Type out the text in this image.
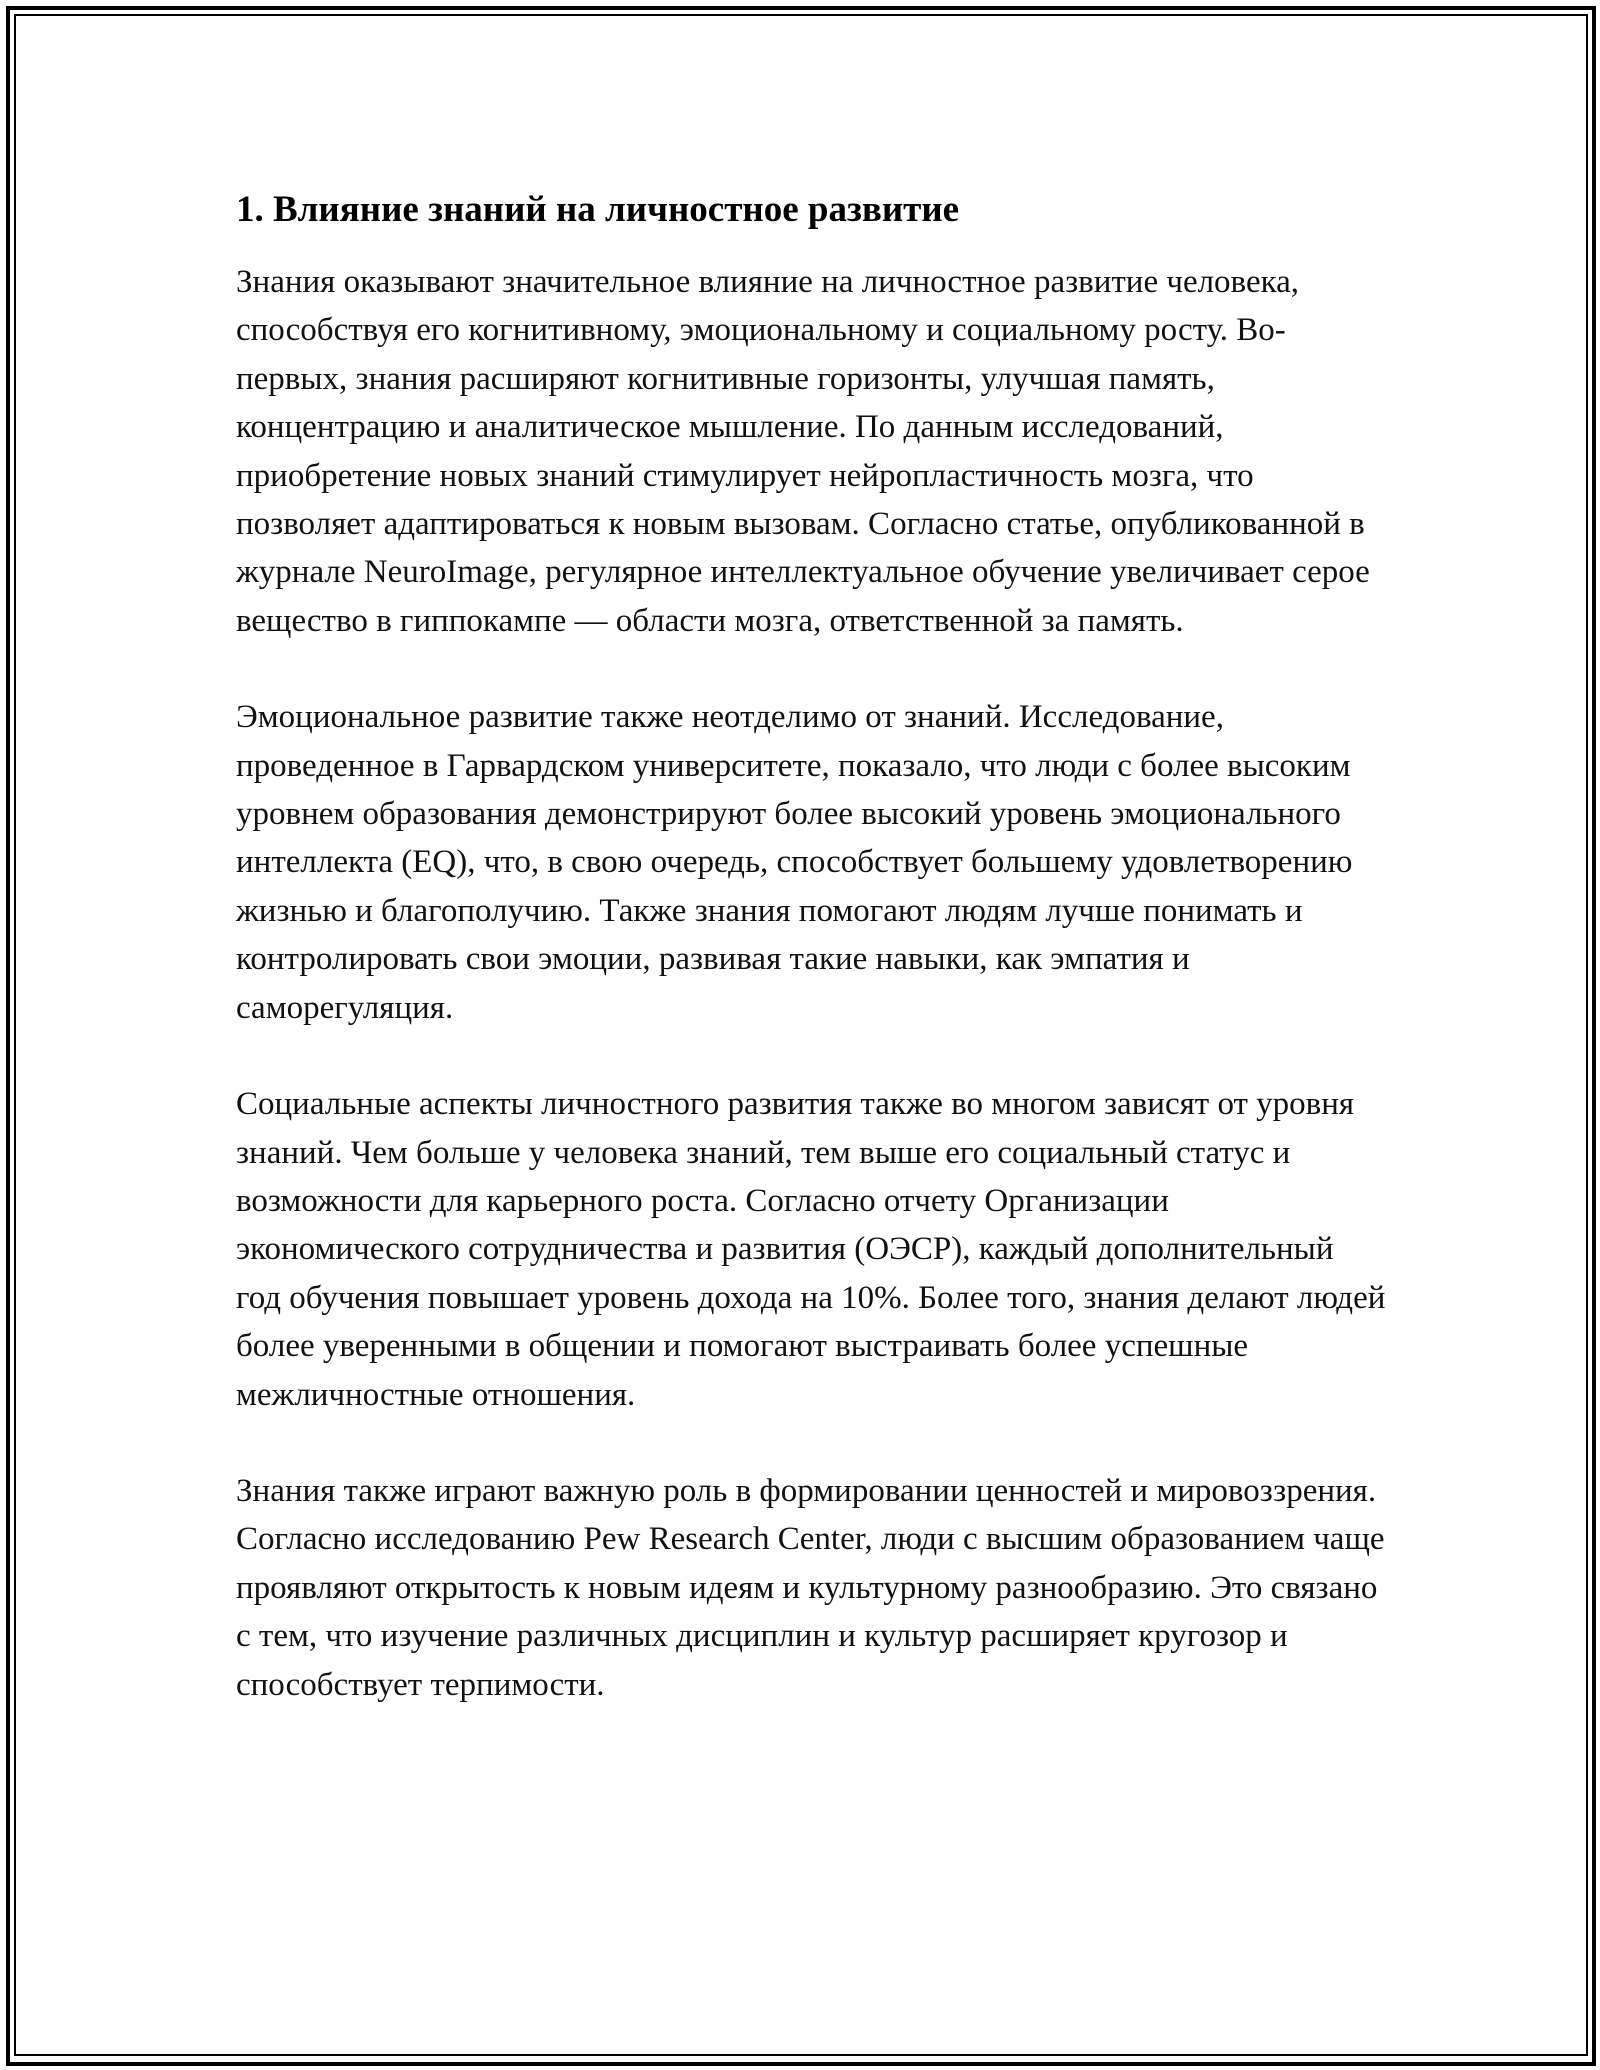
1. Влияние знаний на личностное развитие

Знания оказывают значительное влияние на личностное развитие человека, способствуя его когнитивному, эмоциональному и социальному росту. Во-первых, знания расширяют когнитивные горизонты, улучшая память, концентрацию и аналитическое мышление. По данным исследований, приобретение новых знаний стимулирует нейропластичность мозга, что позволяет адаптироваться к новым вызовам. Согласно статье, опубликованной в журнале NeuroImage, регулярное интеллектуальное обучение увеличивает серое вещество в гиппокампе — области мозга, ответственной за память.

Эмоциональное развитие также неотделимо от знаний. Исследование, проведенное в Гарвардском университете, показало, что люди с более высоким уровнем образования демонстрируют более высокий уровень эмоционального интеллекта (EQ), что, в свою очередь, способствует большему удовлетворению жизнью и благополучию. Также знания помогают людям лучше понимать и контролировать свои эмоции, развивая такие навыки, как эмпатия и саморегуляция.

Социальные аспекты личностного развития также во многом зависят от уровня знаний. Чем больше у человека знаний, тем выше его социальный статус и возможности для карьерного роста. Согласно отчету Организации экономического сотрудничества и развития (ОЭСР), каждый дополнительный год обучения повышает уровень дохода на 10%. Более того, знания делают людей более уверенными в общении и помогают выстраивать более успешные межличностные отношения.

Знания также играют важную роль в формировании ценностей и мировоззрения. Согласно исследованию Pew Research Center, люди с высшим образованием чаще проявляют открытость к новым идеям и культурному разнообразию. Это связано с тем, что изучение различных дисциплин и культур расширяет кругозор и способствует терпимости.
